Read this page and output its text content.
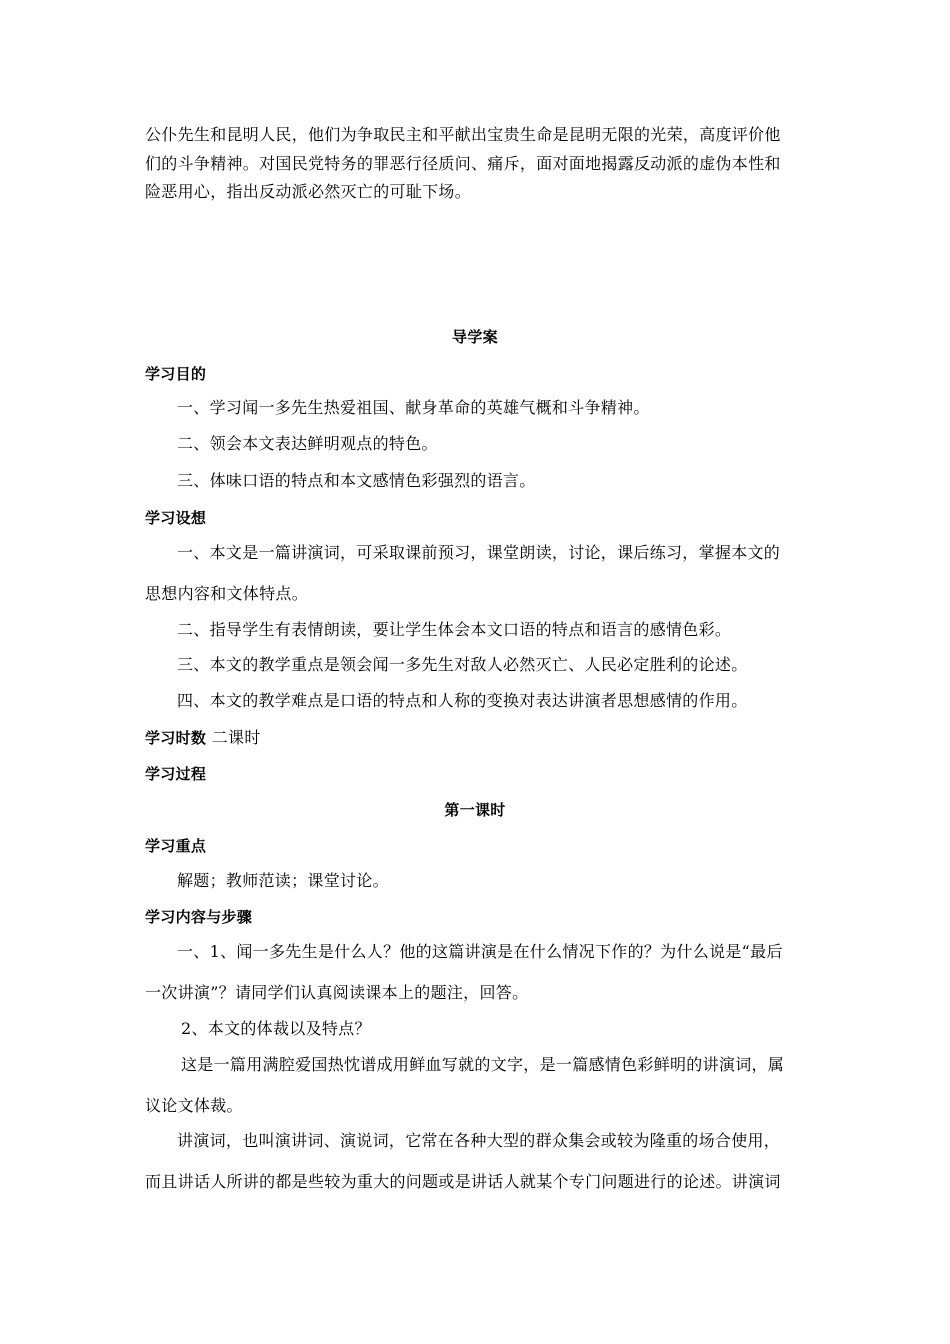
公仆先生和昆明人民，他们为争取民主和平献出宝贵生命是昆明无限的光荣，高度评价他
们的斗争精神。对国民党特务的罪恶行径质问、痛斥，面对面地揭露反动派的虚伪本性和
险恶用心，指出反动派必然灭亡的可耻下场。
导学案
学习目的
一、学习闻一多先生热爱祖国、献身革命的英雄气概和斗争精神。
二、领会本文表达鲜明观点的特色。
三、体味口语的特点和本文感情色彩强烈的语言。
学习设想
一、本文是一篇讲演词，可采取课前预习，课堂朗读，讨论，课后练习，掌握本文的
思想内容和文体特点。
二、指导学生有表情朗读，要让学生体会本文口语的特点和语言的感情色彩。
三、本文的教学重点是领会闻一多先生对敌人必然灭亡、人民必定胜利的论述。
四、本文的教学难点是口语的特点和人称的变换对表达讲演者思想感情的作用。
学习时数 二课时
学习过程
第一课时
学习重点
解题；教师范读；课堂讨论。
学习内容与步骤
一、1、闻一多先生是什么人？他的这篇讲演是在什么情况下作的？为什么说是“最后
一次讲演”？请同学们认真阅读课本上的题注，回答。
2、本文的体裁以及特点？
这是一篇用满腔爱国热忱谱成用鲜血写就的文字，是一篇感情色彩鲜明的讲演词，属
议论文体裁。
讲演词，也叫演讲词、演说词，它常在各种大型的群众集会或较为隆重的场合使用，
而且讲话人所讲的都是些较为重大的问题或是讲话人就某个专门问题进行的论述。讲演词
